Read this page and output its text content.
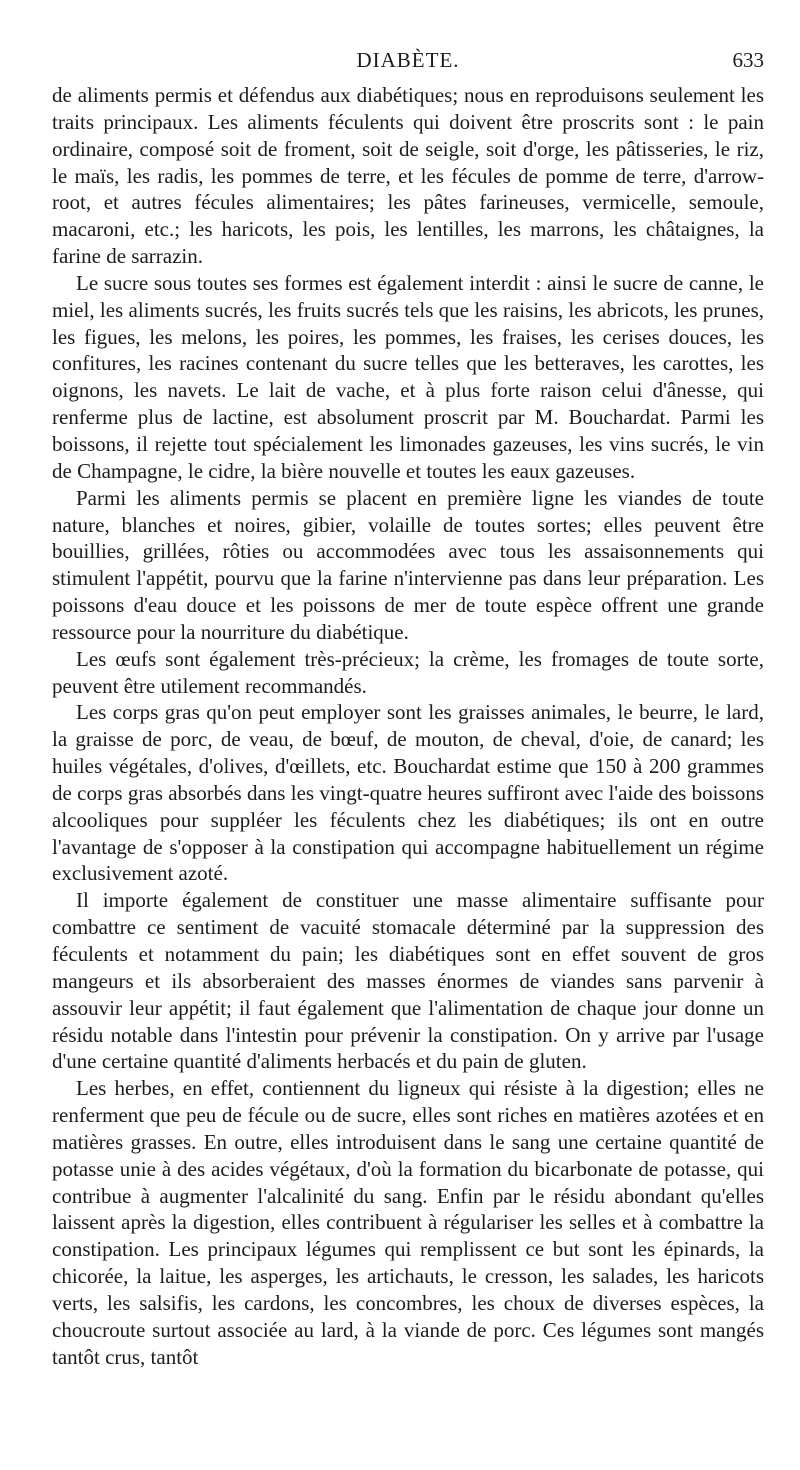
DIABÈTE.	633

de aliments permis et défendus aux diabétiques; nous en reproduisons seulement les traits principaux. Les aliments féculents qui doivent être proscrits sont : le pain ordinaire, composé soit de froment, soit de seigle, soit d'orge, les pâtisseries, le riz, le maïs, les radis, les pommes de terre, et les fécules de pomme de terre, d'arrow-root, et autres fécules alimentaires; les pâtes farineuses, vermicelle, semoule, macaroni, etc.; les haricots, les pois, les lentilles, les marrons, les châtaignes, la farine de sarrazin.

Le sucre sous toutes ses formes est également interdit : ainsi le sucre de canne, le miel, les aliments sucrés, les fruits sucrés tels que les raisins, les abricots, les prunes, les figues, les melons, les poires, les pommes, les fraises, les cerises douces, les confitures, les racines contenant du sucre telles que les betteraves, les carottes, les oignons, les navets. Le lait de vache, et à plus forte raison celui d'ânesse, qui renferme plus de lactine, est absolument proscrit par M. Bouchardat. Parmi les boissons, il rejette tout spécialement les limonades gazeuses, les vins sucrés, le vin de Champagne, le cidre, la bière nouvelle et toutes les eaux gazeuses.

Parmi les aliments permis se placent en première ligne les viandes de toute nature, blanches et noires, gibier, volaille de toutes sortes; elles peuvent être bouillies, grillées, rôties ou accommodées avec tous les assaisonnements qui stimulent l'appétit, pourvu que la farine n'intervienne pas dans leur préparation. Les poissons d'eau douce et les poissons de mer de toute espèce offrent une grande ressource pour la nourriture du diabétique.

Les œufs sont également très-précieux; la crème, les fromages de toute sorte, peuvent être utilement recommandés.

Les corps gras qu'on peut employer sont les graisses animales, le beurre, le lard, la graisse de porc, de veau, de bœuf, de mouton, de cheval, d'oie, de canard; les huiles végétales, d'olives, d'œillets, etc. Bouchardat estime que 150 à 200 grammes de corps gras absorbés dans les vingt-quatre heures suffiront avec l'aide des boissons alcooliques pour suppléer les féculents chez les diabétiques; ils ont en outre l'avantage de s'opposer à la constipation qui accompagne habituellement un régime exclusivement azoté.

Il importe également de constituer une masse alimentaire suffisante pour combattre ce sentiment de vacuité stomacale déterminé par la suppression des féculents et notamment du pain; les diabétiques sont en effet souvent de gros mangeurs et ils absorberaient des masses énormes de viandes sans parvenir à assouvir leur appétit; il faut également que l'alimentation de chaque jour donne un résidu notable dans l'intestin pour prévenir la constipation. On y arrive par l'usage d'une certaine quantité d'aliments herbacés et du pain de gluten.

Les herbes, en effet, contiennent du ligneux qui résiste à la digestion; elles ne renferment que peu de fécule ou de sucre, elles sont riches en matières azotées et en matières grasses. En outre, elles introduisent dans le sang une certaine quantité de potasse unie à des acides végétaux, d'où la formation du bicarbonate de potasse, qui contribue à augmenter l'alcalinité du sang. Enfin par le résidu abondant qu'elles laissent après la digestion, elles contribuent à régulariser les selles et à combattre la constipation. Les principaux légumes qui remplissent ce but sont les épinards, la chicorée, la laitue, les asperges, les artichauts, le cresson, les salades, les haricots verts, les salsifis, les cardons, les concombres, les choux de diverses espèces, la choucroute surtout associée au lard, à la viande de porc. Ces légumes sont mangés tantôt crus, tantôt
